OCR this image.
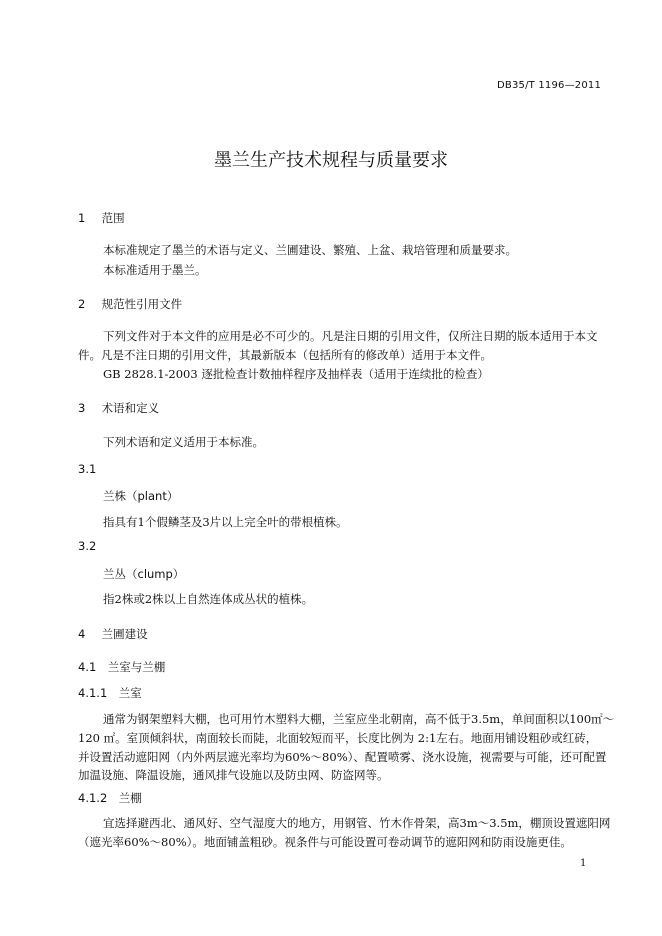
DB35/T 1196—2011
墨兰生产技术规程与质量要求
1 范围
本标准规定了墨兰的术语与定义、兰圃建设、繁殖、上盆、栽培管理和质量要求。
本标准适用于墨兰。
2 规范性引用文件
下列文件对于本文件的应用是必不可少的。凡是注日期的引用文件，仅所注日期的版本适用于本文
件。凡是不注日期的引用文件，其最新版本（包括所有的修改单）适用于本文件。
GB 2828.1-2003 逐批检查计数抽样程序及抽样表（适用于连续批的检查）
3 术语和定义
下列术语和定义适用于本标准。
3.1
兰株（plant）
指具有1个假鳞茎及3片以上完全叶的带根植株。
3.2
兰丛（clump）
指2株或2株以上自然连体成丛状的植株。
4 兰圃建设
4.1　兰室与兰棚
4.1.1　兰室
通常为钢架塑料大棚，也可用竹木塑料大棚，兰室应坐北朝南，高不低于3.5m，单间面积以100㎡～
120 ㎡。室顶倾斜状，南面较长而陡，北面较短而平，长度比例为 2:1左右。地面用铺设粗砂或红砖，
并设置活动遮阳网（内外两层遮光率均为60%～80%）、配置喷雾、浇水设施，视需要与可能，还可配置
加温设施、降温设施，通风排气设施以及防虫网、防盗网等。
4.1.2　兰棚
宜选择避西北、通风好、空气湿度大的地方，用钢管、竹木作骨架，高3m～3.5m，棚顶设置遮阳网
（遮光率60%～80%）。地面铺盖粗砂。视条件与可能设置可卷动调节的遮阳网和防雨设施更佳。
1
